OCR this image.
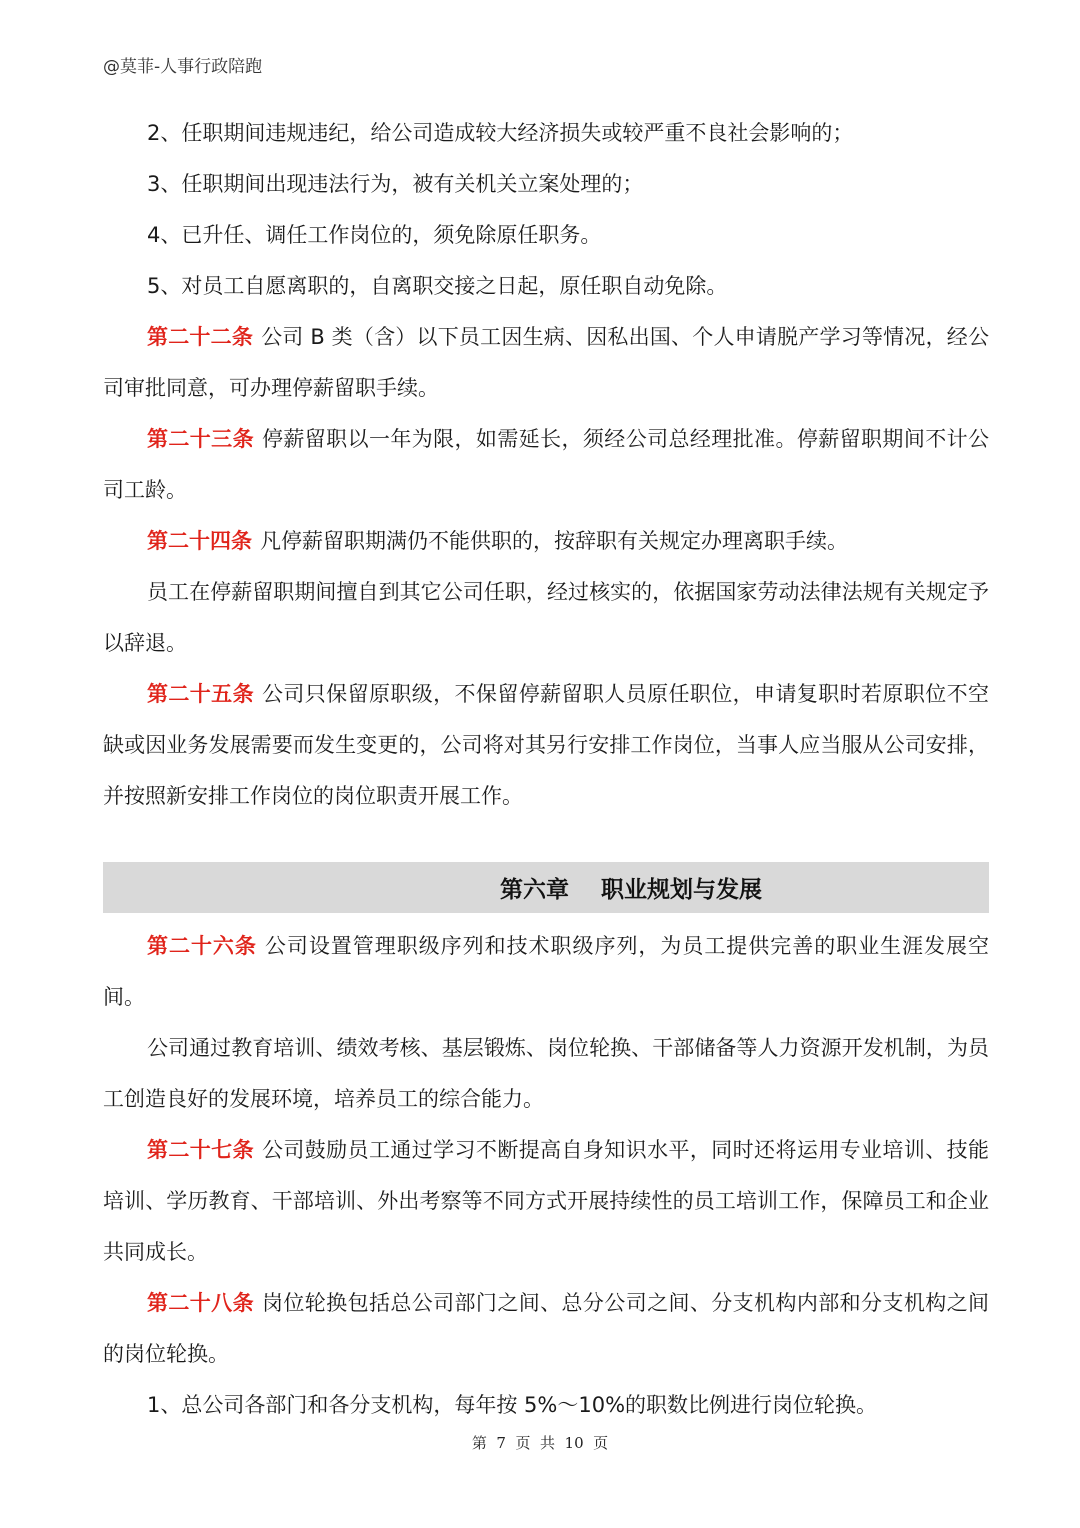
@莫菲-人事行政陪跑

2、任职期间违规违纪，给公司造成较大经济损失或较严重不良社会影响的；

3、任职期间出现违法行为，被有关机关立案处理的；

4、已升任、调任工作岗位的，须免除原任职务。

5、对员工自愿离职的，自离职交接之日起，原任职自动免除。

第二十二条 公司 B 类（含）以下员工因生病、因私出国、个人申请脱产学习等情况，经公司审批同意，可办理停薪留职手续。

第二十三条 停薪留职以一年为限，如需延长，须经公司总经理批准。停薪留职期间不计公司工龄。

第二十四条 凡停薪留职期满仍不能供职的，按辞职有关规定办理离职手续。

员工在停薪留职期间擅自到其它公司任职，经过核实的，依据国家劳动法律法规有关规定予以辞退。

第二十五条 公司只保留原职级，不保留停薪留职人员原任职位，申请复职时若原职位不空缺或因业务发展需要而发生变更的，公司将对其另行安排工作岗位，当事人应当服从公司安排，并按照新安排工作岗位的岗位职责开展工作。

第六章    职业规划与发展

第二十六条 公司设置管理职级序列和技术职级序列，为员工提供完善的职业生涯发展空间。

公司通过教育培训、绩效考核、基层锻炼、岗位轮换、干部储备等人力资源开发机制，为员工创造良好的发展环境，培养员工的综合能力。

第二十七条 公司鼓励员工通过学习不断提高自身知识水平，同时还将运用专业培训、技能培训、学历教育、干部培训、外出考察等不同方式开展持续性的员工培训工作，保障员工和企业共同成长。

第二十八条 岗位轮换包括总公司部门之间、总分公司之间、分支机构内部和分支机构之间的岗位轮换。

1、总公司各部门和各分支机构，每年按 5%～10%的职数比例进行岗位轮换。

第  7  页  共  10  页
